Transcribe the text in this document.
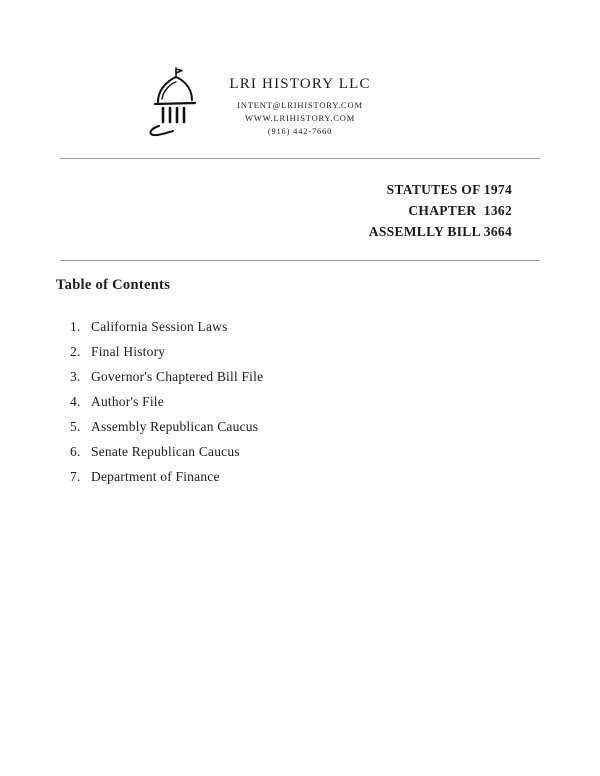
LRI HISTORY LLC
INTENT@LRIHISTORY.COM
WWW.LRIHISTORY.COM
(916) 442-7660
STATUTES OF 1974
CHAPTER  1362
ASSEMLLY BILL 3664
Table of Contents
1. California Session Laws
2. Final History
3. Governor's Chaptered Bill File
4. Author's File
5. Assembly Republican Caucus
6. Senate Republican Caucus
7. Department of Finance
